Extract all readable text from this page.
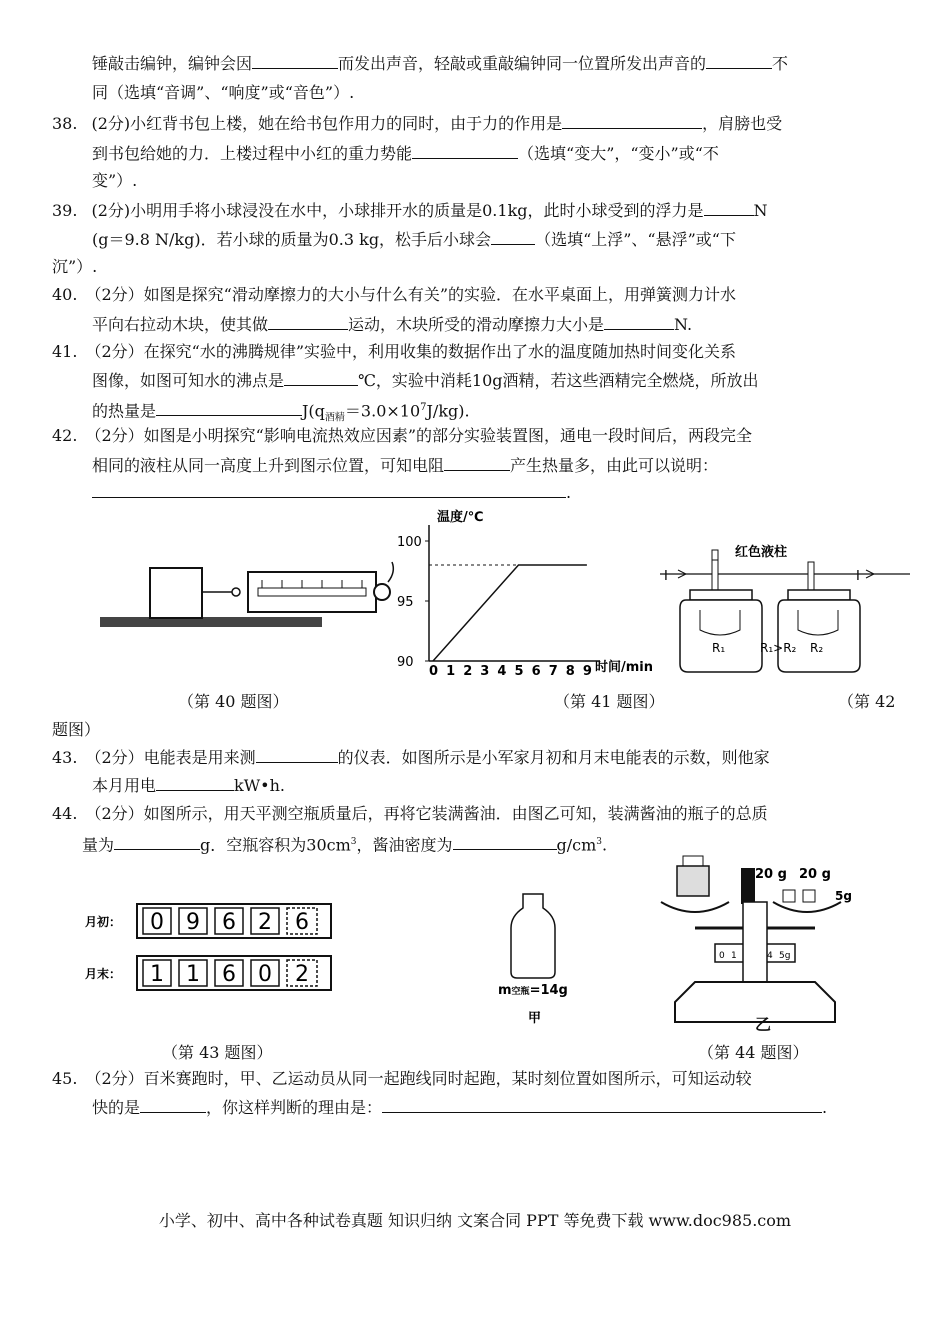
锤敲击编钟，编钟会因	而发出声音，轻敲或重敲编钟同一位置所发出声音的	不
同（选填“音调”、“响度”或“音色”）.
38. (2分)小红背书包上楼，她在给书包作用力的同时，由于力的作用是	，肩膀也受
到书包给她的力．上楼过程中小红的重力势能	（选填“变大”，“变小”或“不
变”）.
39. (2分)小明用手将小球浸没在水中，小球排开水的质量是0.1kg，此时小球受到的浮力是	N
(g＝9.8 N/kg)．若小球的质量为0.3 kg，松手后小球会	（选填“上浮”、“悬浮”或“下
沉”）.
40. （2分）如图是探究“滑动摩擦力的大小与什么有关”的实验．在水平桌面上，用弹簧测力计水
平向右拉动木块，使其做	运动，木块所受的滑动摩擦力大小是	N.
41. （2分）在探究“水的沸腾规律”实验中，利用收集的数据作出了水的温度随加热时间变化关系
图像，如图可知水的沸点是	℃，实验中消耗10g酒精，若这些酒精完全燃烧，所放出
的热量是	$J(q_{酒精}=3.0\times 10^7J/kg)$.
42. （2分）如图是小明探究“影响电流热效应因素”的部分实验装置图，通电一段时间后，两段完全
相同的液柱从同一高度上升到图示位置，可知电阻	产生热量多，由此可以说明：
.
温度/℃
时间/min
0 1 2 3 4 5 6 7 8 9
100
95
90
红色液柱
I	I
R₁	R₂
R₁>R₂
（第 40 题图）	（第 41 题图）	（第 42
题图）
43. （2分）电能表是用来测	的仪表．如图所示是小军家月初和月末电能表的示数，则他家
本月用电	kW•h.
44. （2分）如图所示，用天平测空瓶质量后，再将它装满酱油．由图乙可知，装满酱油的瓶子的总质
量为	g．空瓶容积为$30cm^3$，酱油密度为	$g/cm^3$.
月初：
月末：
0 9 6 2 6
1 1 6 0 2
m空瓶=14g
甲
20 g 20 g
5g
0 1	4 5g
乙
（第 43 题图）	（第 44 题图）
45. （2分）百米赛跑时，甲、乙运动员从同一起跑线同时起跑，某时刻位置如图所示，可知运动较
快的是	，你这样判断的理由是：	.
小学、初中、高中各种试卷真题 知识归纳 文案合同 PPT 等免费下载 www.doc985.com
